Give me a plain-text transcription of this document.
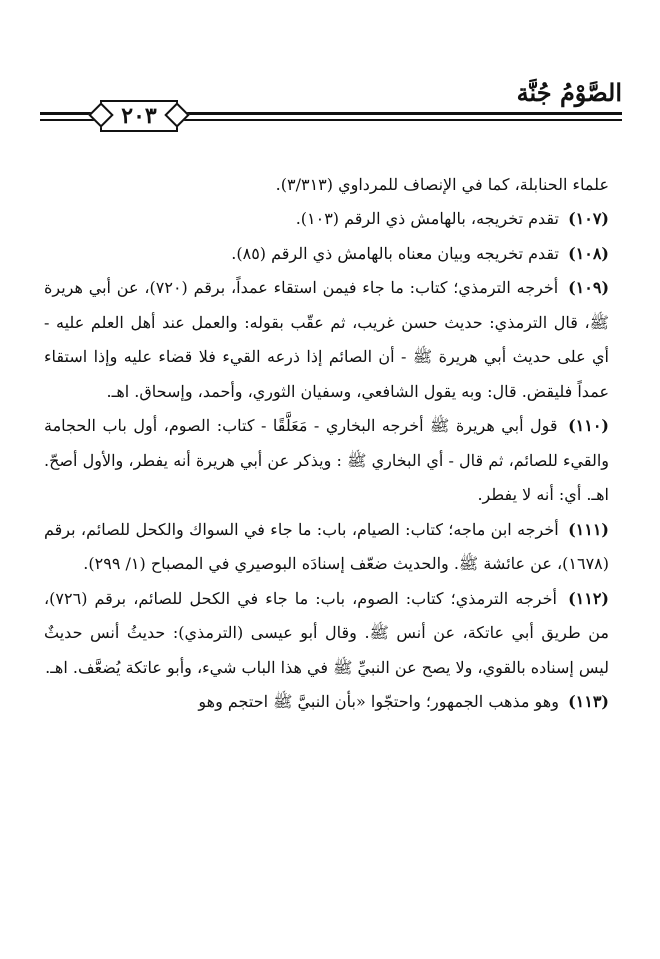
الصَّوْمُ جُنَّة
٢٠٣

علماء الحنابلة، كما في الإنصاف للمرداوي (٣/٣١٣).

(١٠٧) تقدم تخريجه، بالهامش ذي الرقم (١٠٣).

(١٠٨) تقدم تخريجه وبيان معناه بالهامش ذي الرقم (٨٥).

(١٠٩) أخرجه الترمذي؛ كتاب: ما جاء فيمن استقاء عمداً، برقم (٧٢٠)، عن أبي هريرة ﷺ، قال الترمذي: حديث حسن غريب، ثم عقّب بقوله: والعمل عند أهل العلم عليه - أي على حديث أبي هريرة ﷺ - أن الصائم إذا ذرعه القيء فلا قضاء عليه وإذا استقاء عمداً فليقض. قال: وبه يقول الشافعي، وسفيان الثوري، وأحمد، وإسحاق. اهـ.

(١١٠) قول أبي هريرة ﷺ أخرجه البخاري - مَعَلَّقًا - كتاب: الصوم، أول باب الحجامة والقيء للصائم، ثم قال - أي البخاري ﷺ : ويذكر عن أبي هريرة أنه يفطر، والأول أصحّ. اهـ. أي: أنه لا يفطر.

(١١١) أخرجه ابن ماجه؛ كتاب: الصيام، باب: ما جاء في السواك والكحل للصائم، برقم (١٦٧٨)، عن عائشة ﷺ. والحديث ضعّف إسنادَه البوصيري في المصباح (١/ ٢٩٩).

(١١٢) أخرجه الترمذي؛ كتاب: الصوم، باب: ما جاء في الكحل للصائم، برقم (٧٢٦)، من طريق أبي عاتكة، عن أنس ﷺ. وقال أبو عيسى (الترمذي): حديثُ أنس حديثٌ ليس إسناده بالقوي، ولا يصح عن النبيِّ ﷺ في هذا الباب شيء، وأبو عاتكة يُضعَّف. اهـ.

(١١٣) وهو مذهب الجمهور؛ واحتجّوا «بأن النبيَّ ﷺ احتجم وهو
